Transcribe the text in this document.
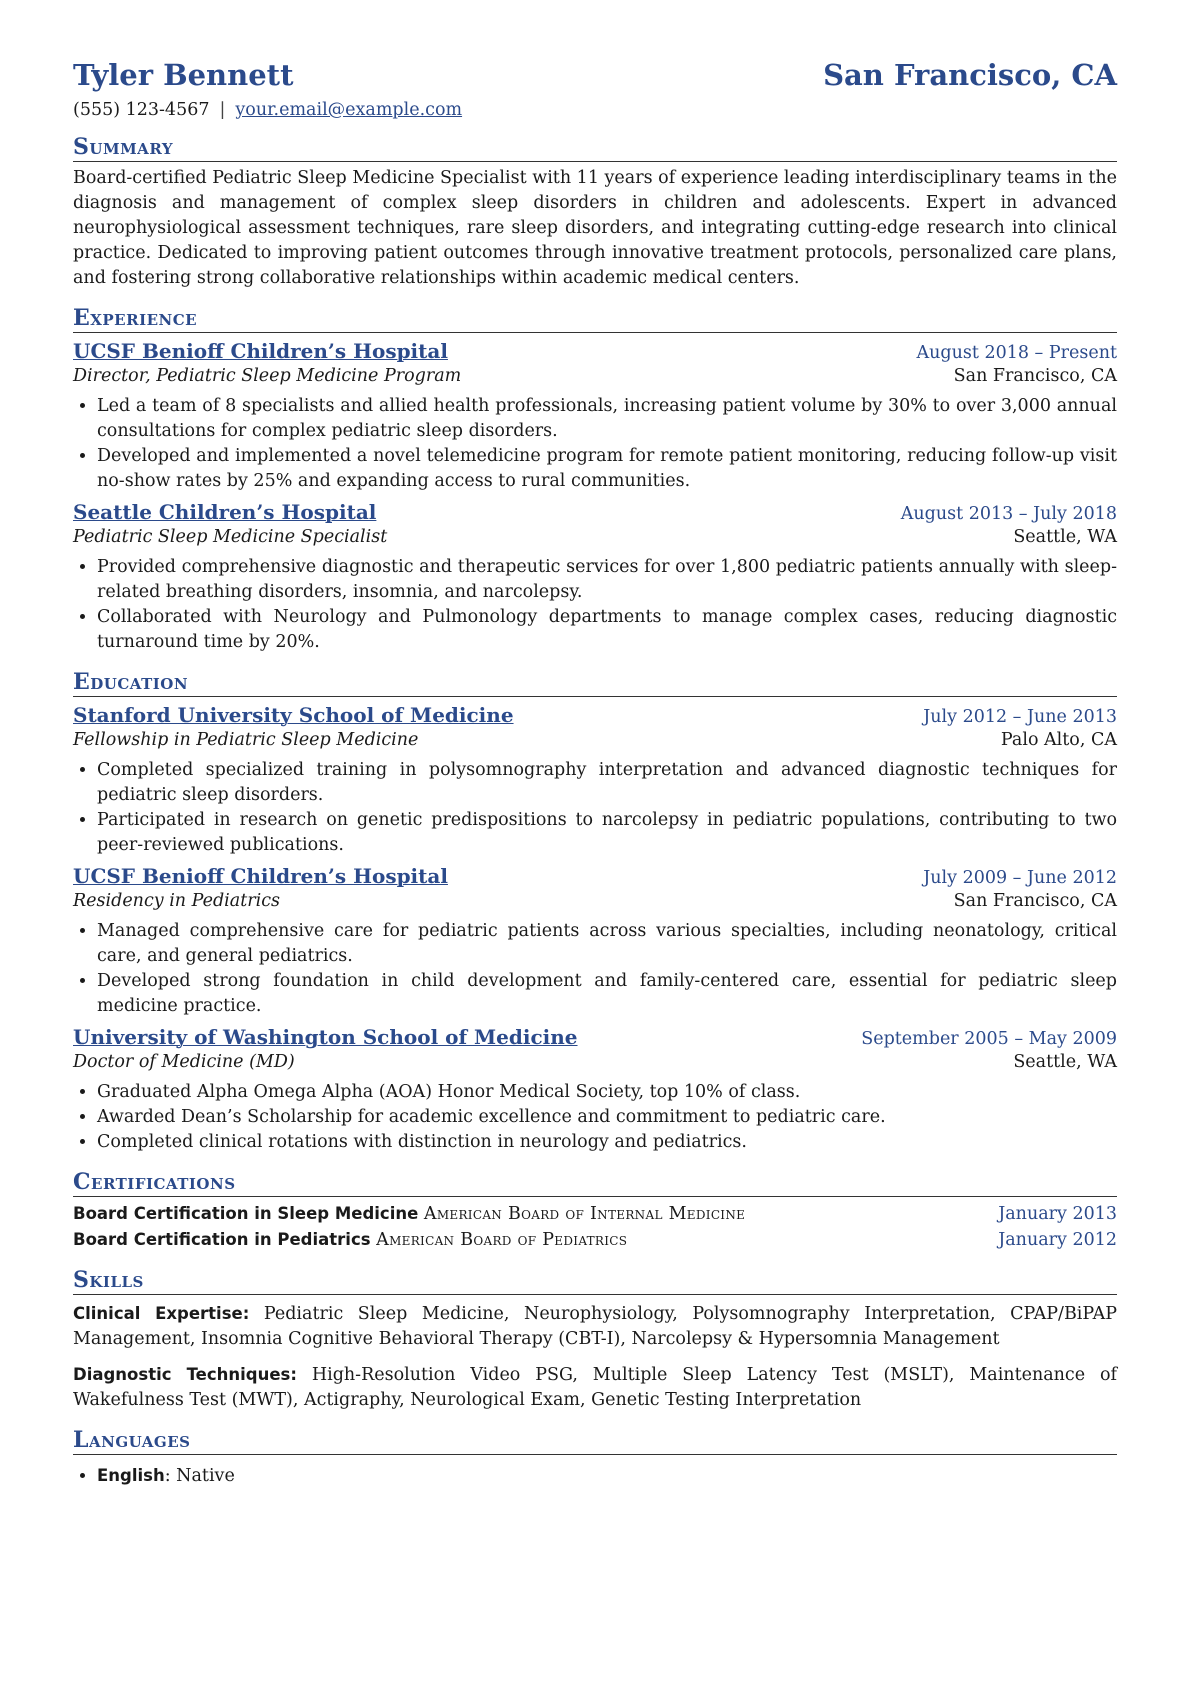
Tyler Bennett	San Francisco, CA
(555) 123-4567 | your.email@example.com
Summary
Board-certified Pediatric Sleep Medicine Specialist with 11 years of experience leading interdisciplinary teams in the diagnosis and management of complex sleep disorders in children and adolescents. Expert in advanced neurophysiological assessment techniques, rare sleep disorders, and integrating cutting-edge research into clinical practice. Dedicated to improving patient outcomes through innovative treatment protocols, personalized care plans, and fostering strong collaborative relationships within academic medical centers.
Experience
UCSF Benioff Children’s Hospital	August 2018 – Present
Director, Pediatric Sleep Medicine Program	San Francisco, CA
• Led a team of 8 specialists and allied health professionals, increasing patient volume by 30% to over 3,000 annual consultations for complex pediatric sleep disorders.
• Developed and implemented a novel telemedicine program for remote patient monitoring, reducing follow-up visit no-show rates by 25% and expanding access to rural communities.
Seattle Children’s Hospital	August 2013 – July 2018
Pediatric Sleep Medicine Specialist	Seattle, WA
• Provided comprehensive diagnostic and therapeutic services for over 1,800 pediatric patients annually with sleep-related breathing disorders, insomnia, and narcolepsy.
• Collaborated with Neurology and Pulmonology departments to manage complex cases, reducing diagnostic turnaround time by 20%.
Education
Stanford University School of Medicine	July 2012 – June 2013
Fellowship in Pediatric Sleep Medicine	Palo Alto, CA
• Completed specialized training in polysomnography interpretation and advanced diagnostic techniques for pediatric sleep disorders.
• Participated in research on genetic predispositions to narcolepsy in pediatric populations, contributing to two peer-reviewed publications.
UCSF Benioff Children’s Hospital	July 2009 – June 2012
Residency in Pediatrics	San Francisco, CA
• Managed comprehensive care for pediatric patients across various specialties, including neonatology, critical care, and general pediatrics.
• Developed strong foundation in child development and family-centered care, essential for pediatric sleep medicine practice.
University of Washington School of Medicine	September 2005 – May 2009
Doctor of Medicine (MD)	Seattle, WA
• Graduated Alpha Omega Alpha (AOA) Honor Medical Society, top 10% of class.
• Awarded Dean’s Scholarship for academic excellence and commitment to pediatric care.
• Completed clinical rotations with distinction in neurology and pediatrics.
Certifications
Board Certification in Sleep Medicine American Board of Internal Medicine	January 2013
Board Certification in Pediatrics American Board of Pediatrics	January 2012
Skills
Clinical Expertise: Pediatric Sleep Medicine, Neurophysiology, Polysomnography Interpretation, CPAP/BiPAP Management, Insomnia Cognitive Behavioral Therapy (CBT-I), Narcolepsy & Hypersomnia Management
Diagnostic Techniques: High-Resolution Video PSG, Multiple Sleep Latency Test (MSLT), Maintenance of Wakefulness Test (MWT), Actigraphy, Neurological Exam, Genetic Testing Interpretation
Languages
• English: Native
